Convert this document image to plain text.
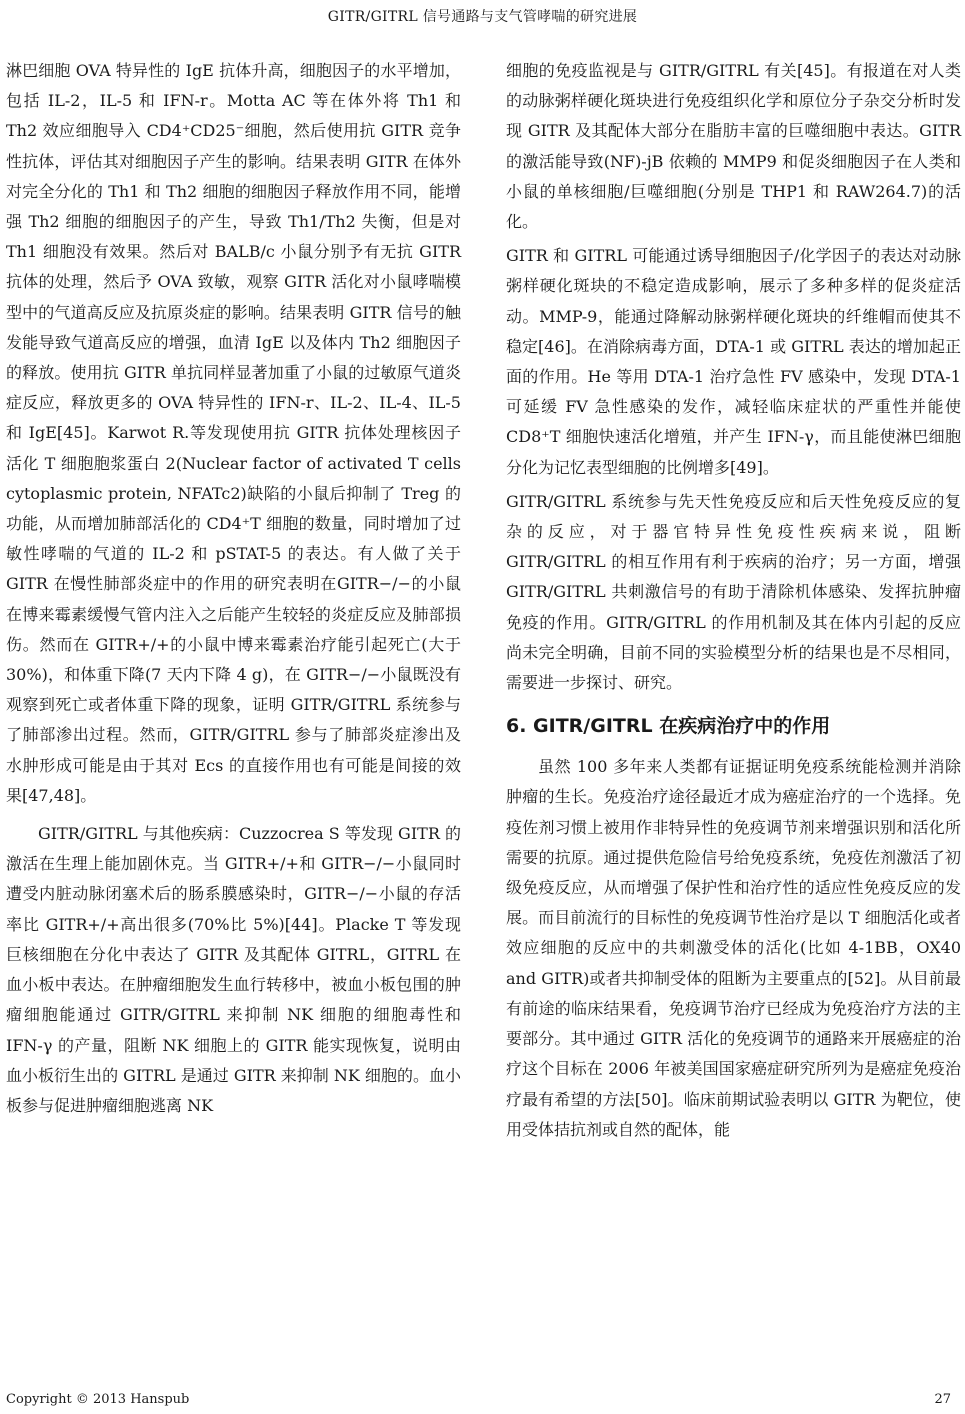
GITR/GITRL 信号通路与支气管哮喘的研究进展

淋巴细胞 OVA 特异性的 IgE 抗体升高，细胞因子的水平增加，包括 IL-2，IL-5 和 IFN-r。Motta AC 等在体外将 Th1 和 Th2 效应细胞导入 CD4⁺CD25⁻细胞，然后使用抗 GITR 竞争性抗体，评估其对细胞因子产生的影响。结果表明 GITR 在体外对完全分化的 Th1 和 Th2 细胞的细胞因子释放作用不同，能增强 Th2 细胞的细胞因子的产生，导致 Th1/Th2 失衡，但是对 Th1 细胞没有效果。然后对 BALB/c 小鼠分别予有无抗 GITR 抗体的处理，然后予 OVA 致敏，观察 GITR 活化对小鼠哮喘模型中的气道高反应及抗原炎症的影响。结果表明 GITR 信号的触发能导致气道高反应的增强，血清 IgE 以及体内 Th2 细胞因子的释放。使用抗 GITR 单抗同样显著加重了小鼠的过敏原气道炎症反应，释放更多的 OVA 特异性的 IFN-r、IL-2、IL-4、IL-5 和 IgE[45]。Karwot R.等发现使用抗 GITR 抗体处理核因子活化 T 细胞胞浆蛋白 2(Nuclear factor of activated T cells cytoplasmic protein, NFATc2)缺陷的小鼠后抑制了 Treg 的功能，从而增加肺部活化的 CD4⁺T 细胞的数量，同时增加了过敏性哮喘的气道的 IL-2 和 pSTAT-5 的表达。有人做了关于 GITR 在慢性肺部炎症中的作用的研究表明在GITR−/−的小鼠在博来霉素缓慢气管内注入之后能产生较轻的炎症反应及肺部损伤。然而在 GITR+/+的小鼠中博来霉素治疗能引起死亡(大于 30%)，和体重下降(7 天内下降 4 g)，在 GITR−/−小鼠既没有观察到死亡或者体重下降的现象，证明 GITR/GITRL 系统参与了肺部渗出过程。然而，GITR/GITRL 参与了肺部炎症渗出及水肿形成可能是由于其对 Ecs 的直接作用也有可能是间接的效果[47,48]。

GITR/GITRL 与其他疾病：Cuzzocrea S 等发现 GITR 的激活在生理上能加剧休克。当 GITR+/+和 GITR−/−小鼠同时遭受内脏动脉闭塞术后的肠系膜感染时，GITR−/−小鼠的存活率比 GITR+/+高出很多(70%比 5%)[44]。Placke T 等发现巨核细胞在分化中表达了 GITR 及其配体 GITRL，GITRL 在血小板中表达。在肿瘤细胞发生血行转移中，被血小板包围的肿瘤细胞能通过 GITR/GITRL 来抑制 NK 细胞的细胞毒性和 IFN-γ 的产量，阻断 NK 细胞上的 GITR 能实现恢复，说明由血小板衍生出的 GITRL 是通过 GITR 来抑制 NK 细胞的。血小板参与促进肿瘤细胞逃离 NK

细胞的免疫监视是与 GITR/GITRL 有关[45]。有报道在对人类的动脉粥样硬化斑块进行免疫组织化学和原位分子杂交分析时发现 GITR 及其配体大部分在脂肪丰富的巨噬细胞中表达。GITR 的激活能导致(NF)-jB 依赖的 MMP9 和促炎细胞因子在人类和小鼠的单核细胞/巨噬细胞(分别是 THP1 和 RAW264.7)的活化。

GITR 和 GITRL 可能通过诱导细胞因子/化学因子的表达对动脉粥样硬化斑块的不稳定造成影响，展示了多种多样的促炎症活动。MMP-9，能通过降解动脉粥样硬化斑块的纤维帽而使其不稳定[46]。在消除病毒方面，DTA-1 或 GITRL 表达的增加起正面的作用。He 等用 DTA-1 治疗急性 FV 感染中，发现 DTA-1 可延缓 FV 急性感染的发作，减轻临床症状的严重性并能使 CD8⁺T 细胞快速活化增殖，并产生 IFN-γ，而且能使淋巴细胞分化为记忆表型细胞的比例增多[49]。

GITR/GITRL 系统参与先天性免疫反应和后天性免疫反应的复杂的反应，对于器官特异性免疫性疾病来说，阻断 GITR/GITRL 的相互作用有利于疾病的治疗；另一方面，增强 GITR/GITRL 共刺激信号的有助于清除机体感染、发挥抗肿瘤免疫的作用。GITR/GITRL 的作用机制及其在体内引起的反应尚未完全明确，目前不同的实验模型分析的结果也是不尽相同，需要进一步探讨、研究。

6. GITR/GITRL 在疾病治疗中的作用

虽然 100 多年来人类都有证据证明免疫系统能检测并消除肿瘤的生长。免疫治疗途径最近才成为癌症治疗的一个选择。免疫佐剂习惯上被用作非特异性的免疫调节剂来增强识别和活化所需要的抗原。通过提供危险信号给免疫系统，免疫佐剂激活了初级免疫反应，从而增强了保护性和治疗性的适应性免疫反应的发展。而目前流行的目标性的免疫调节性治疗是以 T 细胞活化或者效应细胞的反应中的共刺激受体的活化(比如 4-1BB，OX40 and GITR)或者共抑制受体的阻断为主要重点的[52]。从目前最有前途的临床结果看，免疫调节治疗已经成为免疫治疗方法的主要部分。其中通过 GITR 活化的免疫调节的通路来开展癌症的治疗这个目标在 2006 年被美国国家癌症研究所列为是癌症免疫治疗最有希望的方法[50]。临床前期试验表明以 GITR 为靶位，使用受体拮抗剂或自然的配体，能

Copyright © 2013 Hanspub	27
